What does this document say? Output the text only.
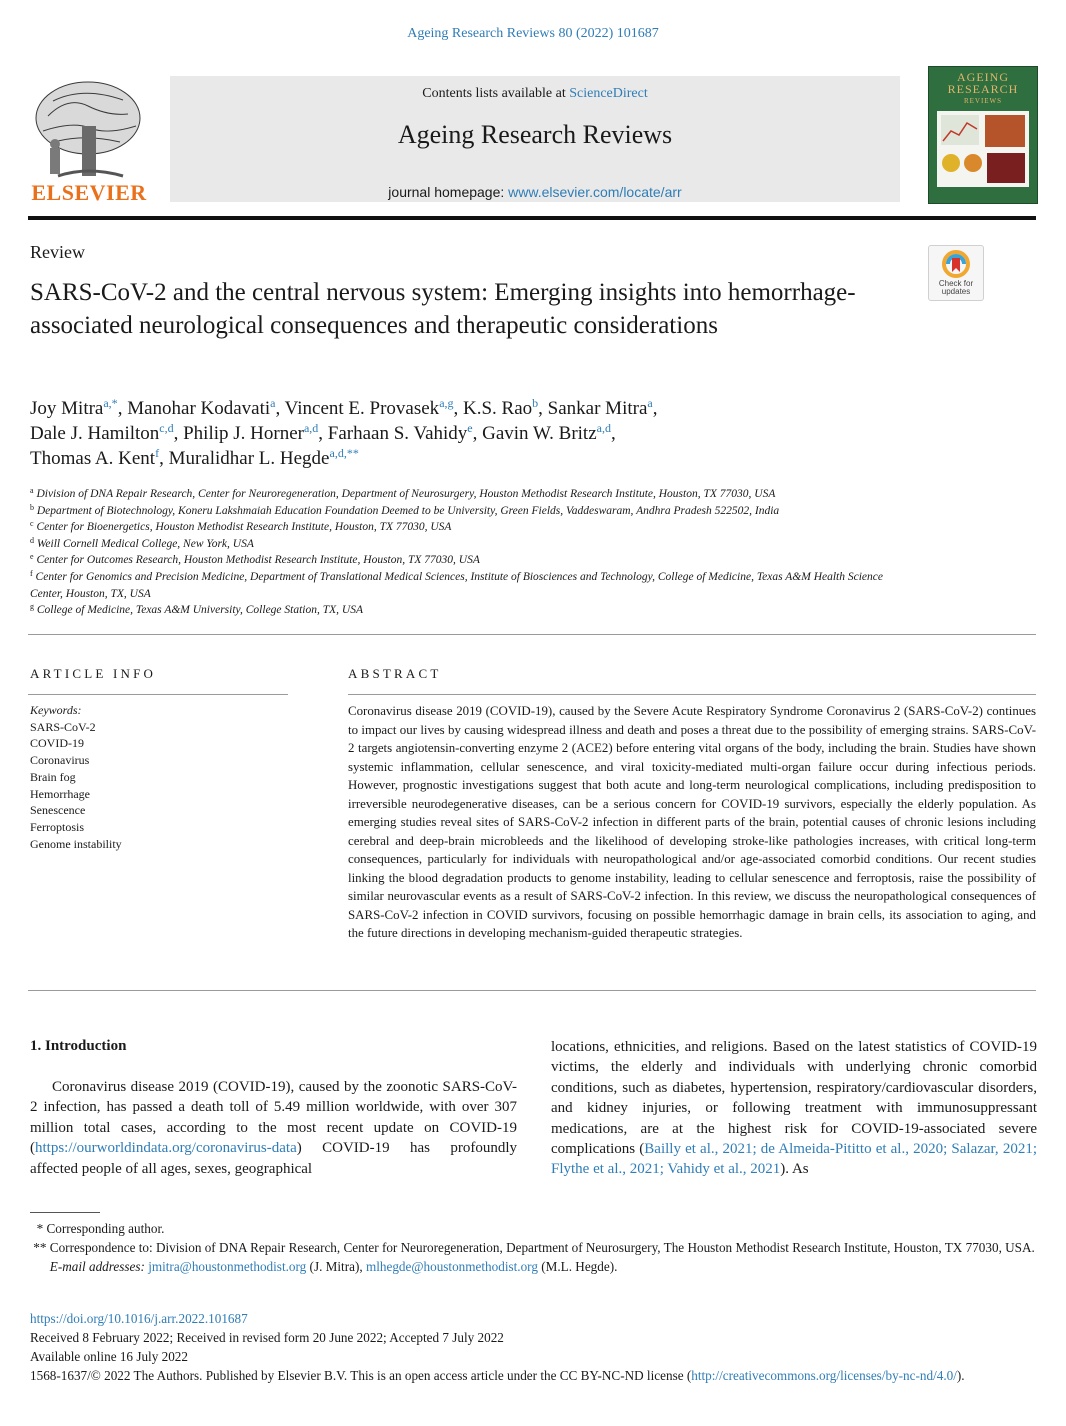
Ageing Research Reviews 80 (2022) 101687
ELSEVIER
Contents lists available at ScienceDirect
Ageing Research Reviews
journal homepage: www.elsevier.com/locate/arr
AGEING
RESEARCH
REVIEWS
Review
Check for updates
SARS-CoV-2 and the central nervous system: Emerging insights into hemorrhage-associated neurological consequences and therapeutic considerations
Joy Mitra$^{a,*}$, Manohar Kodavati$^a$, Vincent E. Provasek$^{a,g}$, K.S. Rao$^b$, Sankar Mitra$^a$,
Dale J. Hamilton$^{c,d}$, Philip J. Horner$^{a,d}$, Farhaan S. Vahidy$^e$, Gavin W. Britz$^{a,d}$,
Thomas A. Kent$^f$, Muralidhar L. Hegde$^{a,d,**}$
$^a$ Division of DNA Repair Research, Center for Neuroregeneration, Department of Neurosurgery, Houston Methodist Research Institute, Houston, TX 77030, USA
$^b$ Department of Biotechnology, Koneru Lakshmaiah Education Foundation Deemed to be University, Green Fields, Vaddeswaram, Andhra Pradesh 522502, India
$^c$ Center for Bioenergetics, Houston Methodist Research Institute, Houston, TX 77030, USA
$^d$ Weill Cornell Medical College, New York, USA
$^e$ Center for Outcomes Research, Houston Methodist Research Institute, Houston, TX 77030, USA
$^f$ Center for Genomics and Precision Medicine, Department of Translational Medical Sciences, Institute of Biosciences and Technology, College of Medicine, Texas A&M Health Science Center, Houston, TX, USA
$^g$ College of Medicine, Texas A&M University, College Station, TX, USA
ARTICLE INFO
Keywords:
SARS-CoV-2
COVID-19
Coronavirus
Brain fog
Hemorrhage
Senescence
Ferroptosis
Genome instability
ABSTRACT
Coronavirus disease 2019 (COVID-19), caused by the Severe Acute Respiratory Syndrome Coronavirus 2 (SARS-CoV-2) continues to impact our lives by causing widespread illness and death and poses a threat due to the possibility of emerging strains. SARS-CoV-2 targets angiotensin-converting enzyme 2 (ACE2) before entering vital organs of the body, including the brain. Studies have shown systemic inflammation, cellular senescence, and viral toxicity-mediated multi-organ failure occur during infectious periods. However, prognostic investigations suggest that both acute and long-term neurological complications, including predisposition to irreversible neurodegenerative diseases, can be a serious concern for COVID-19 survivors, especially the elderly population. As emerging studies reveal sites of SARS-CoV-2 infection in different parts of the brain, potential causes of chronic lesions including cerebral and deep-brain microbleeds and the likelihood of developing stroke-like pathologies increases, with critical long-term consequences, particularly for individuals with neuropathological and/or age-associated comorbid conditions. Our recent studies linking the blood degradation products to genome instability, leading to cellular senescence and ferroptosis, raise the possibility of similar neurovascular events as a result of SARS-CoV-2 infection. In this review, we discuss the neuropathological consequences of SARS-CoV-2 infection in COVID survivors, focusing on possible hemorrhagic damage in brain cells, its association to aging, and the future directions in developing mechanism-guided therapeutic strategies.
1. Introduction
Coronavirus disease 2019 (COVID-19), caused by the zoonotic SARS-CoV-2 infection, has passed a death toll of 5.49 million worldwide, with over 307 million total cases, according to the most recent update on COVID-19 (https://ourworldindata.org/coronavirus-data) COVID-19 has profoundly affected people of all ages, sexes, geographical
locations, ethnicities, and religions. Based on the latest statistics of COVID-19 victims, the elderly and individuals with underlying chronic comorbid conditions, such as diabetes, hypertension, respiratory/cardiovascular disorders, and kidney injuries, or following treatment with immunosuppressant medications, are at the highest risk for COVID-19-associated severe complications (Bailly et al., 2021; de Almeida-Pititto et al., 2020; Salazar, 2021; Flythe et al., 2021; Vahidy et al., 2021). As
* Corresponding author.
** Correspondence to: Division of DNA Repair Research, Center for Neuroregeneration, Department of Neurosurgery, The Houston Methodist Research Institute, Houston, TX 77030, USA.
E-mail addresses: jmitra@houstonmethodist.org (J. Mitra), mlhegde@houstonmethodist.org (M.L. Hegde).
https://doi.org/10.1016/j.arr.2022.101687
Received 8 February 2022; Received in revised form 20 June 2022; Accepted 7 July 2022
Available online 16 July 2022
1568-1637/© 2022 The Authors. Published by Elsevier B.V. This is an open access article under the CC BY-NC-ND license (http://creativecommons.org/licenses/by-nc-nd/4.0/).
